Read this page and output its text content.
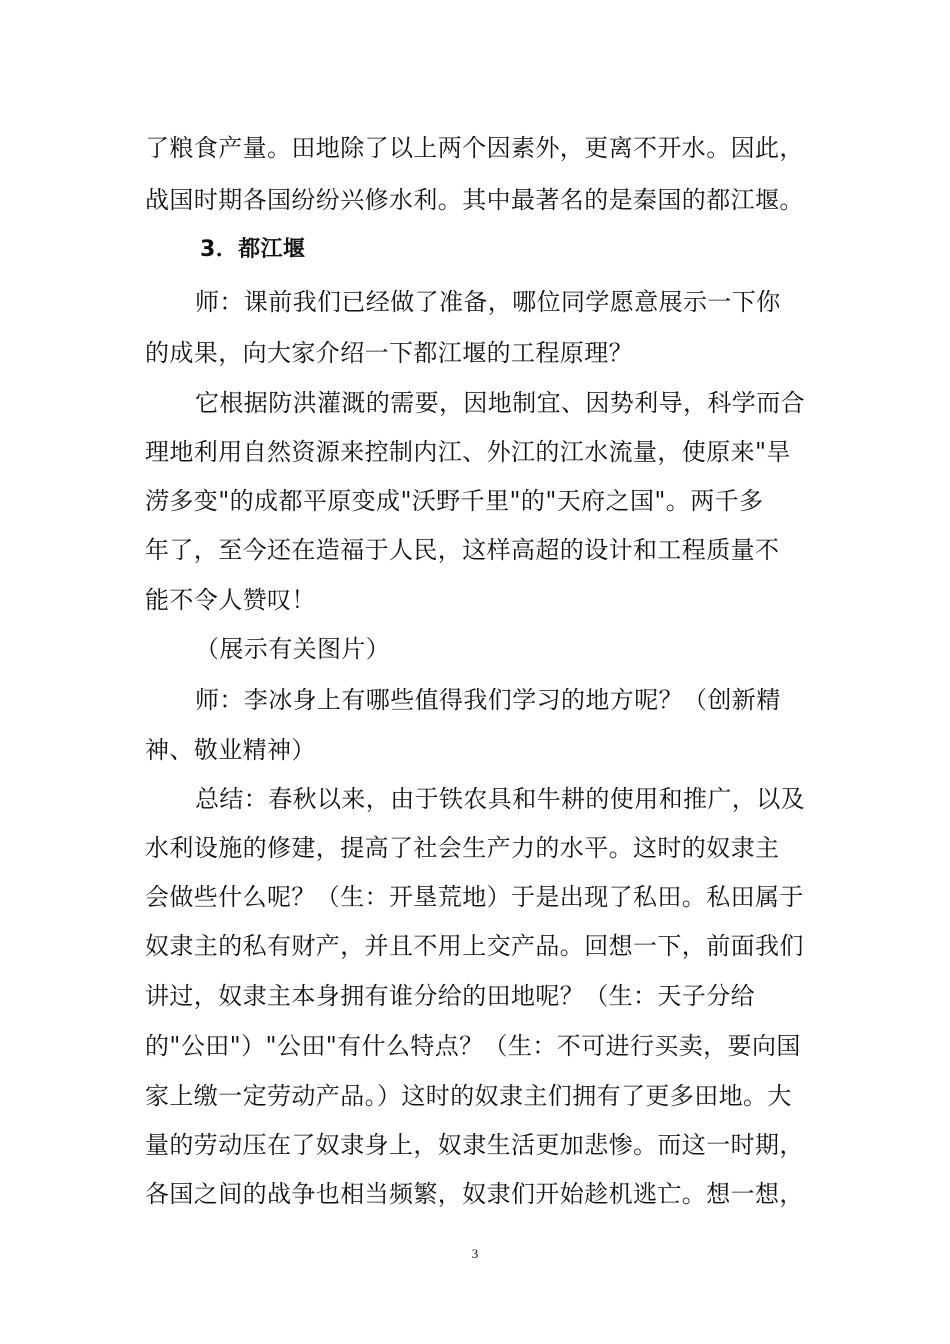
了粮食产量。田地除了以上两个因素外，更离不开水。因此，
战国时期各国纷纷兴修水利。其中最著名的是秦国的都江堰。
3．都江堰
师：课前我们已经做了准备，哪位同学愿意展示一下你
的成果，向大家介绍一下都江堰的工程原理？
它根据防洪灌溉的需要，因地制宜、因势利导，科学而合
理地利用自然资源来控制内江、外江的江水流量，使原来"旱
涝多变"的成都平原变成"沃野千里"的"天府之国"。两千多
年了，至今还在造福于人民，这样高超的设计和工程质量不
能不令人赞叹！
（展示有关图片）
师：李冰身上有哪些值得我们学习的地方呢？（创新精
神、敬业精神）
总结：春秋以来，由于铁农具和牛耕的使用和推广，以及
水利设施的修建，提高了社会生产力的水平。这时的奴隶主
会做些什么呢？（生：开垦荒地）于是出现了私田。私田属于
奴隶主的私有财产，并且不用上交产品。回想一下，前面我们
讲过，奴隶主本身拥有谁分给的田地呢？（生：天子分给
的"公田"）"公田"有什么特点？（生：不可进行买卖，要向国
家上缴一定劳动产品。）这时的奴隶主们拥有了更多田地。大
量的劳动压在了奴隶身上，奴隶生活更加悲惨。而这一时期，
各国之间的战争也相当频繁，奴隶们开始趁机逃亡。想一想，
3
